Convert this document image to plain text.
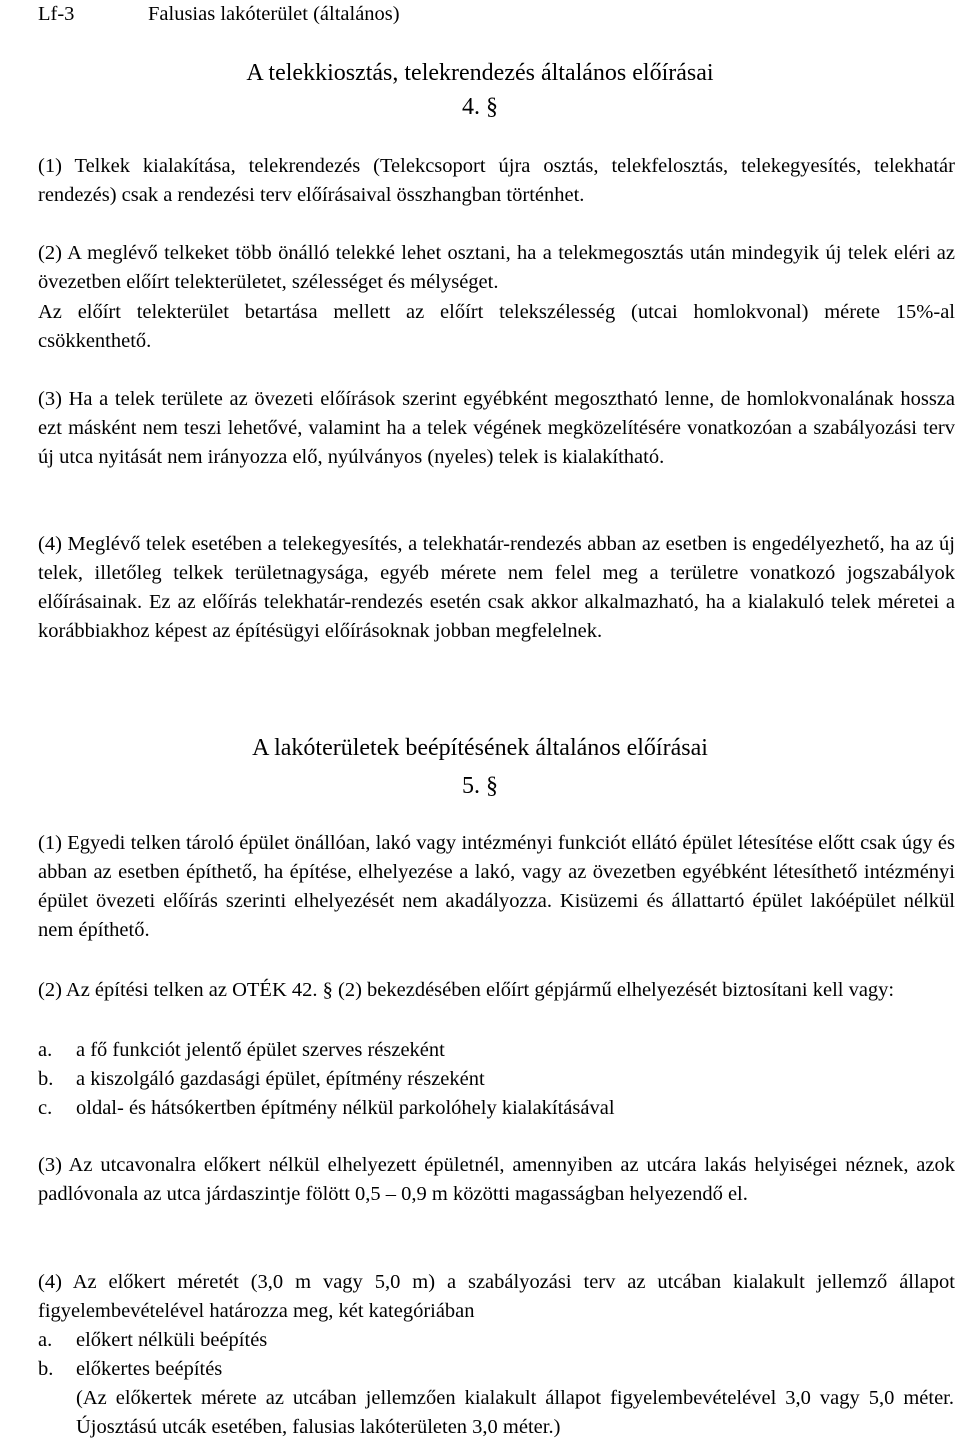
Lf-3	Falusias lakóterület (általános)
A telekkiosztás, telekrendezés általános előírásai
4. §
(1) Telkek kialakítása, telekrendezés (Telekcsoport újra osztás, telekfelosztás, telekegyesítés, telekhatár rendezés) csak a rendezési terv előírásaival összhangban történhet.
(2) A meglévő telkeket több önálló telekké lehet osztani, ha a telekmegosztás után mindegyik új telek eléri az övezetben előírt telekterületet, szélességet és mélységet.
Az előírt telekterület betartása mellett az előírt telekszélesség (utcai homlokvonal) mérete 15%-al csökkenthető.
(3) Ha a telek területe az övezeti előírások szerint egyébként megosztható lenne, de homlokvonalának hossza ezt másként nem teszi lehetővé, valamint ha a telek végének megközelítésére vonatkozóan a szabályozási terv új utca nyitását nem irányozza elő, nyúlványos (nyeles) telek is kialakítható.
(4) Meglévő telek esetében a telekegyesítés, a telekhatár-rendezés abban az esetben is engedélyezhető, ha az új telek, illetőleg telkek területnagysága, egyéb mérete nem felel meg a területre vonatkozó jogszabályok előírásainak. Ez az előírás telekhatár-rendezés esetén csak akkor alkalmazható, ha a kialakuló telek méretei a korábbiakhoz képest az építésügyi előírásoknak jobban megfelelnek.
A lakóterületek beépítésének általános előírásai
5. §
(1) Egyedi telken tároló épület önállóan, lakó vagy intézményi funkciót ellátó épület létesítése előtt csak úgy és abban az esetben építhető, ha építése, elhelyezése a lakó, vagy az övezetben egyébként létesíthető intézményi épület övezeti előírás szerinti elhelyezését nem akadályozza. Kisüzemi és állattartó épület lakóépület nélkül nem építhető.
(2) Az építési telken az OTÉK 42. § (2) bekezdésében előírt gépjármű elhelyezését biztosítani kell vagy:
a.	a fő funkciót jelentő épület szerves részeként
b.	a kiszolgáló gazdasági épület, építmény részeként
c.	oldal- és hátsókertben építmény nélkül parkolóhely kialakításával
(3) Az utcavonalra előkert nélkül elhelyezett épületnél, amennyiben az utcára lakás helyiségei néznek, azok padlóvonala az utca járdaszintje fölött 0,5 – 0,9 m közötti magasságban helyezendő el.
(4) Az előkert méretét (3,0 m vagy 5,0 m) a szabályozási terv az utcában kialakult jellemző állapot figyelembevételével határozza meg, két kategóriában
a.	előkert nélküli beépítés
b.	előkertes beépítés
(Az előkertek mérete az utcában jellemzően kialakult állapot figyelembevételével 3,0 vagy 5,0 méter. Újosztású utcák esetében, falusias lakóterületen 3,0 méter.)
